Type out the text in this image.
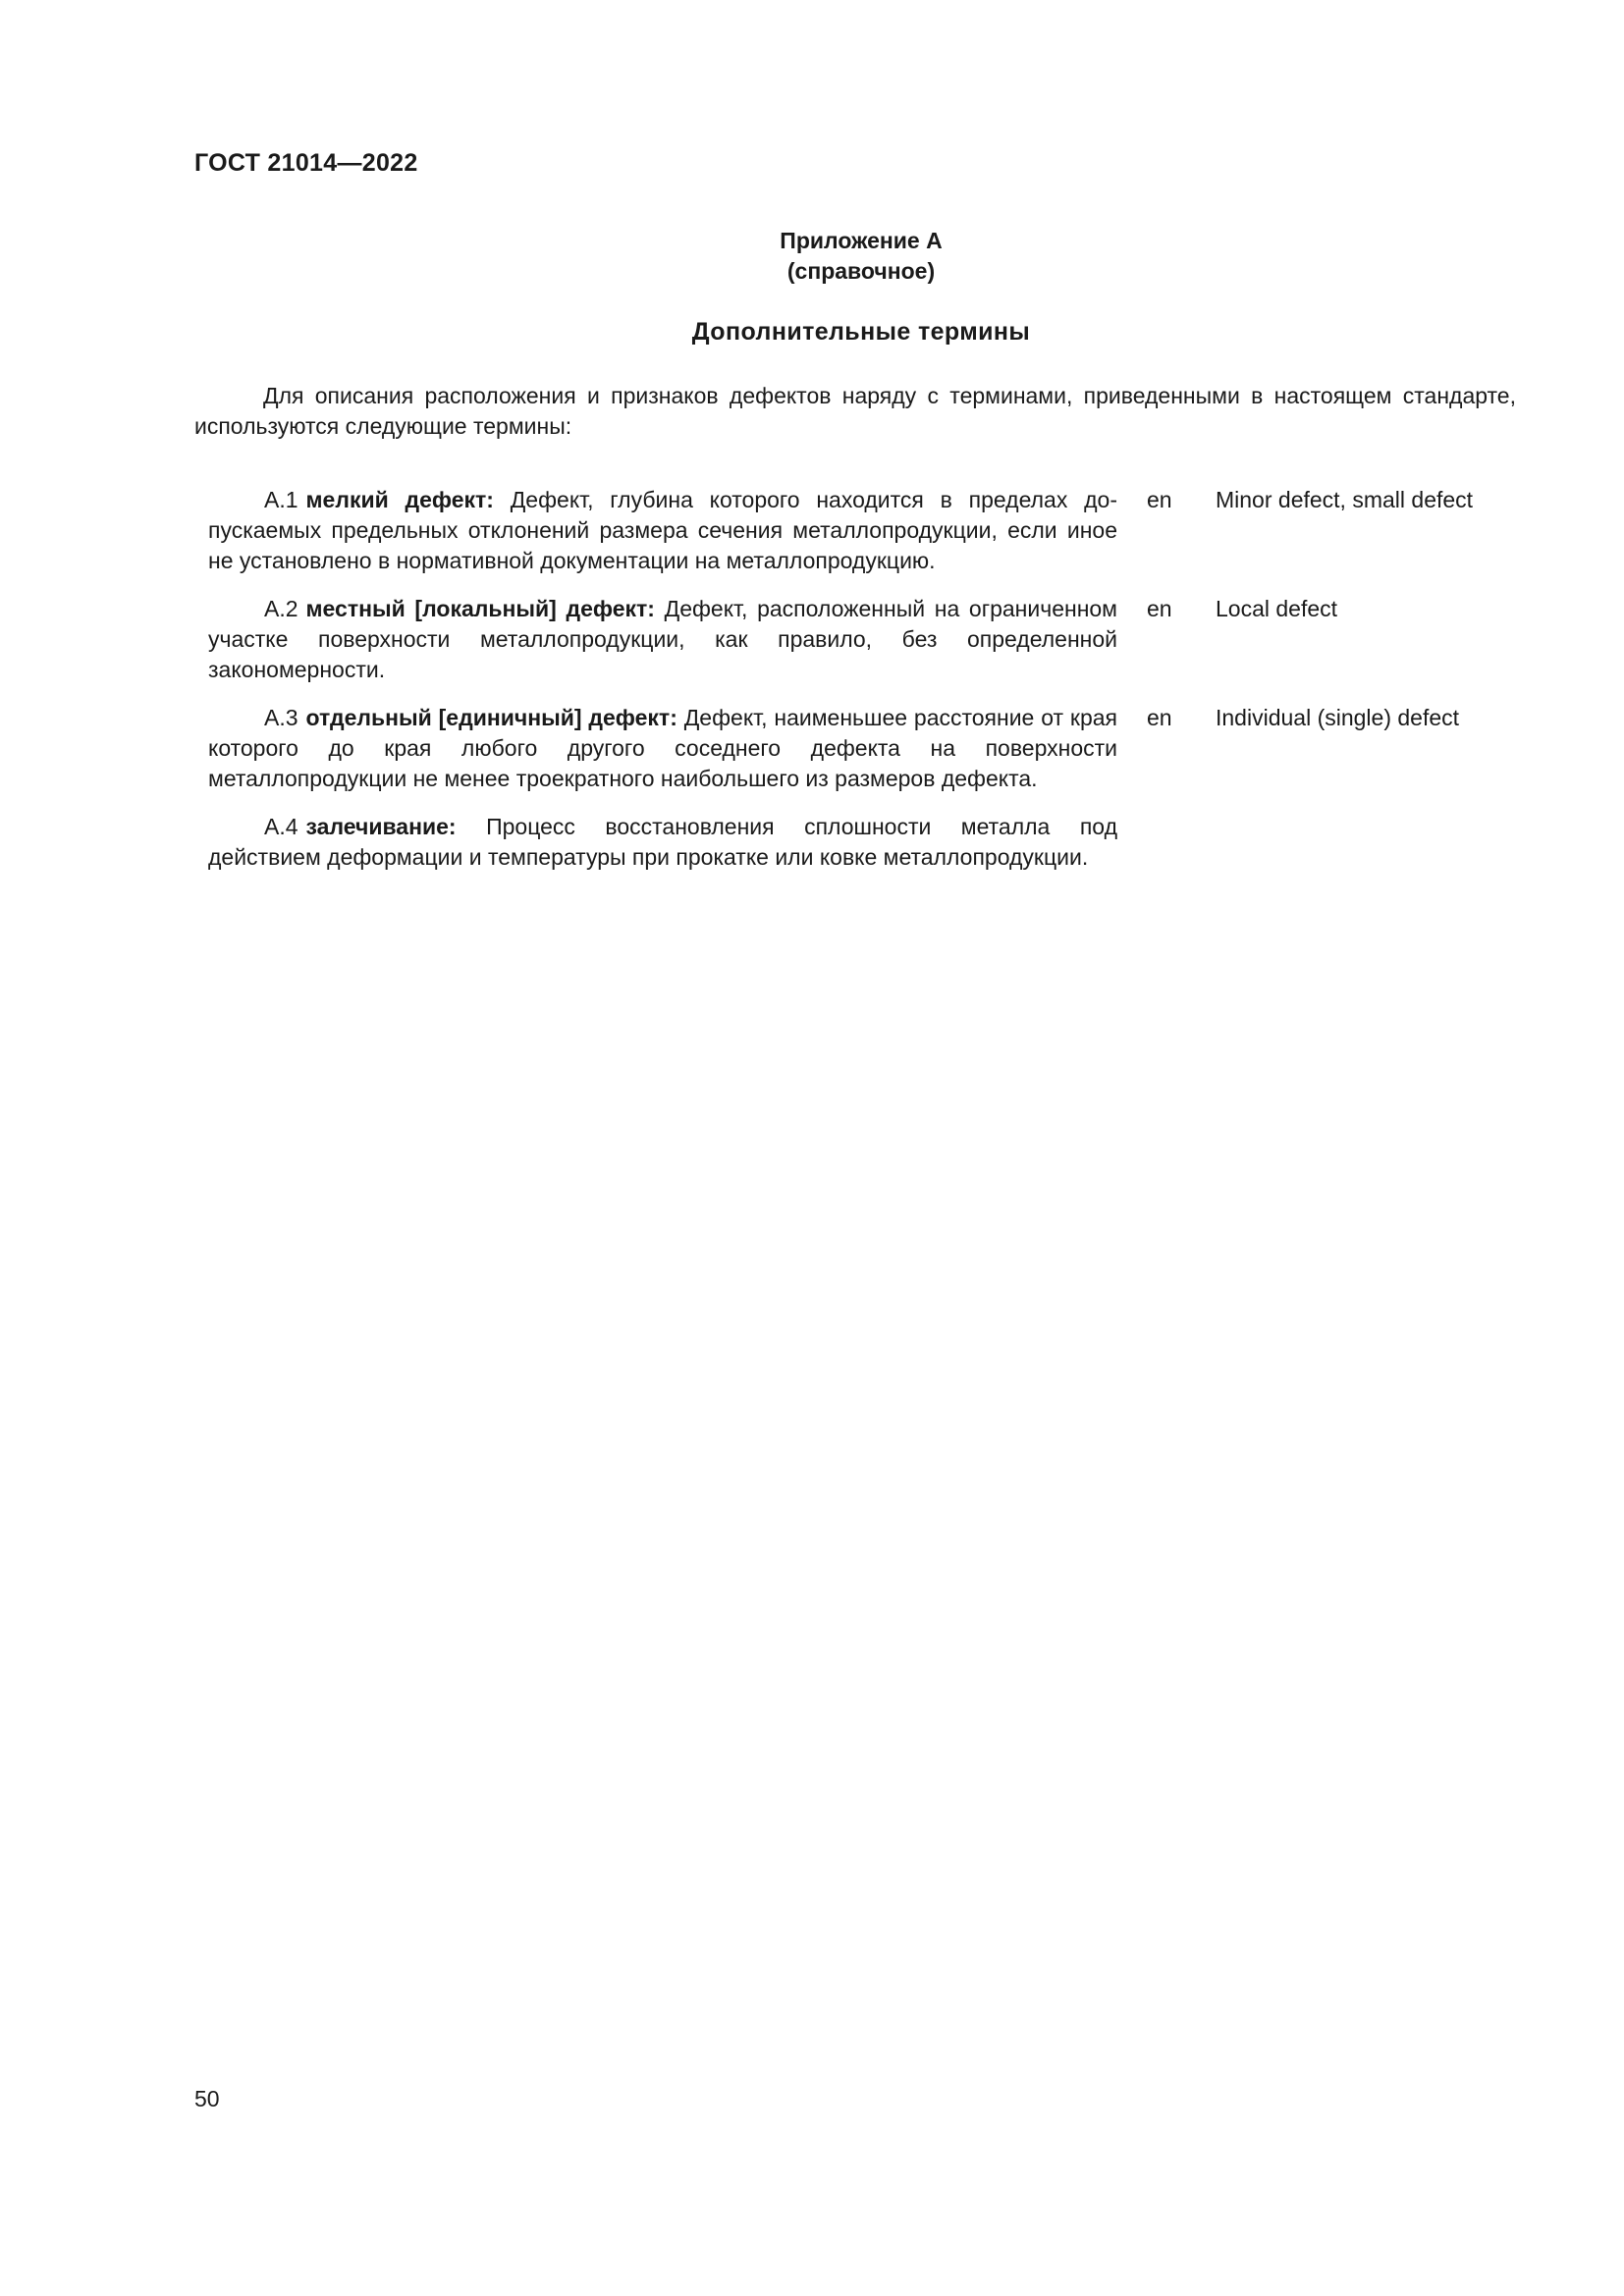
ГОСТ 21014—2022
Приложение А
(справочное)
Дополнительные термины

Для описания расположения и признаков дефектов наряду с терминами, приведенными в настоящем стандарте, используются следующие термины:

А.1 мелкий дефект: Дефект, глубина которого находится в пределах допускаемых предельных отклонений размера сечения металлопродукции, если иное не установлено в нормативной документации на металлопродукцию.

en Minor defect, small defect

А.2 местный [локальный] дефект: Дефект, расположенный на ограниченном участке поверхности металлопродукции, как правило, без определенной закономерности.

en Local defect

А.3 отдельный [единичный] дефект: Дефект, наименьшее расстояние от края которого до края любого другого соседнего дефекта на поверхности металлопродукции не менее троекратного наибольшего из размеров дефекта.

en Individual (single) defect

А.4 залечивание: Процесс восстановления сплошности металла под действием деформации и температуры при прокатке или ковке металлопродукции.

50
